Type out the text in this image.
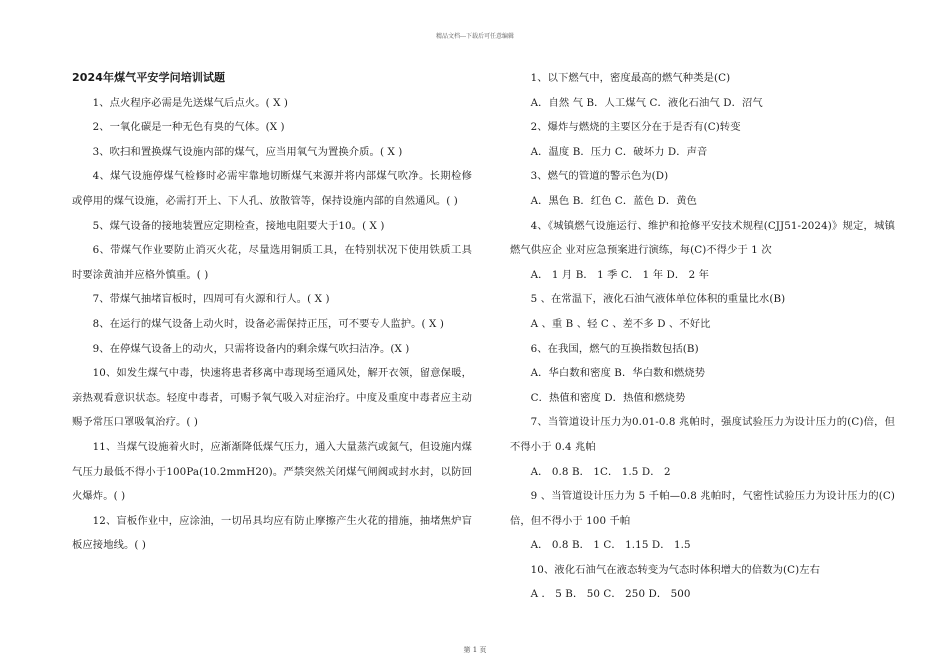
精品文档---下载后可任意编辑

2024年煤气平安学问培训试题

1、点火程序必需是先送煤气后点火。( X )

2、一氧化碳是一种无色有臭的气体。(X )

3、吹扫和置换煤气设施内部的煤气，应当用氧气为置换介质。( X )

4、煤气设施停煤气检修时必需牢靠地切断煤气来源并将内部煤气吹净。长期检修或停用的煤气设施，必需打开上、下人孔、放散管等，保持设施内部的自然通风。( )

5、煤气设备的接地装置应定期检查，接地电阻要大于10。( X )

6、带煤气作业要防止消灭火花，尽量选用铜质工具，在特别状况下使用铁质工具时要涂黄油并应格外慎重。( )

7、带煤气抽堵盲板时，四周可有火源和行人。( X )

8、在运行的煤气设备上动火时，设备必需保持正压，可不要专人监护。( X )

9、在停煤气设备上的动火，只需将设备内的剩余煤气吹扫洁净。(X )

10、如发生煤气中毒，快速将患者移离中毒现场至通风处，解开衣领，留意保暖，亲热观看意识状态。轻度中毒者，可赐予氧气吸入对症治疗。中度及重度中毒者应主动赐予常压口罩吸氧治疗。( )

11、当煤气设施着火时，应渐渐降低煤气压力，通入大量蒸汽或氮气，但设施内煤气压力最低不得小于100Pa(10.2mmH20)。严禁突然关闭煤气闸阀或封水封，以防回火爆炸。( )

12、盲板作业中，应涂油，一切吊具均应有防止摩擦产生火花的措施，抽堵焦炉盲板应接地线。( )

1、以下燃气中，密度最高的燃气种类是(C)

A．自然 气 B．人工煤气 C．液化石油气 D．沼气

2、爆炸与燃烧的主要区分在于是否有(C)转变

A．温度 B．压力 C．破坏力 D．声音

3、燃气的管道的警示色为(D)

A．黑色 B．红色 C．蓝色 D．黄色

4、《城镇燃气设施运行、维护和抢修平安技术规程(CJJ51-2024)》规定，城镇燃气供应企 业对应急预案进行演练，每(C)不得少于 1 次

A． 1 月 B． 1 季 C． 1 年 D． 2 年

5 、在常温下，液化石油气液体单位体积的重量比水(B)

A 、重 B 、轻 C 、差不多 D 、不好比

6、在我国，燃气的互换指数包括(B)

A．华白数和密度 B．华白数和燃烧势

C．热值和密度 D．热值和燃烧势

7、当管道设计压力为0.01-0.8 兆帕时，强度试验压力为设计压力的(C)倍，但不得小于 0.4 兆帕

A． 0.8 B． 1C． 1.5 D． 2

9 、当管道设计压力为 5 千帕—0.8 兆帕时，气密性试验压力为设计压力的(C)倍，但不得小于 100 千帕

A． 0.8 B． 1 C． 1.15 D． 1.5

10、液化石油气在液态转变为气态时体积增大的倍数为(C)左右

A ． 5 B． 50 C． 250 D． 500

第 1 页
